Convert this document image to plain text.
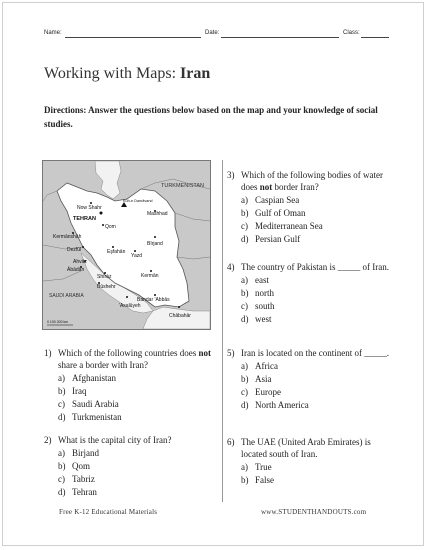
Name:	Date:	Class:
Working with Maps: Iran
Directions: Answer the questions below based on the map and your knowledge of social studies.
TURKMENISTAN
TEHRAN
Now Shahr
Qom
Kermānshāh
Mashhad
Bīrjand
Dezfūl	Eşfahān
Yazd
Ahvāz
Ābādān
Kermān
Shīrāz
Būshehr
SAUDI ARABIA
Bandar 'Abbās
'Asalūyeh
Chābahār
Kūh-e Damāvand
0 100 200 km
1) Which of the following countries does not share a border with Iran?
a) Afghanistan
b) Iraq
c) Saudi Arabia
d) Turkmenistan
2) What is the capital city of Iran?
a) Birjand
b) Qom
c) Tabriz
d) Tehran
3) Which of the following bodies of water does not border Iran?
a) Caspian Sea
b) Gulf of Oman
c) Mediterranean Sea
d) Persian Gulf
4) The country of Pakistan is _____ of Iran.
a) east
b) north
c) south
d) west
5) Iran is located on the continent of _____.
a) Africa
b) Asia
c) Europe
d) North America
6) The UAE (United Arab Emirates) is located south of Iran.
a) True
b) False
Free K-12 Educational Materials	www.STUDENTHANDOUTS.com
